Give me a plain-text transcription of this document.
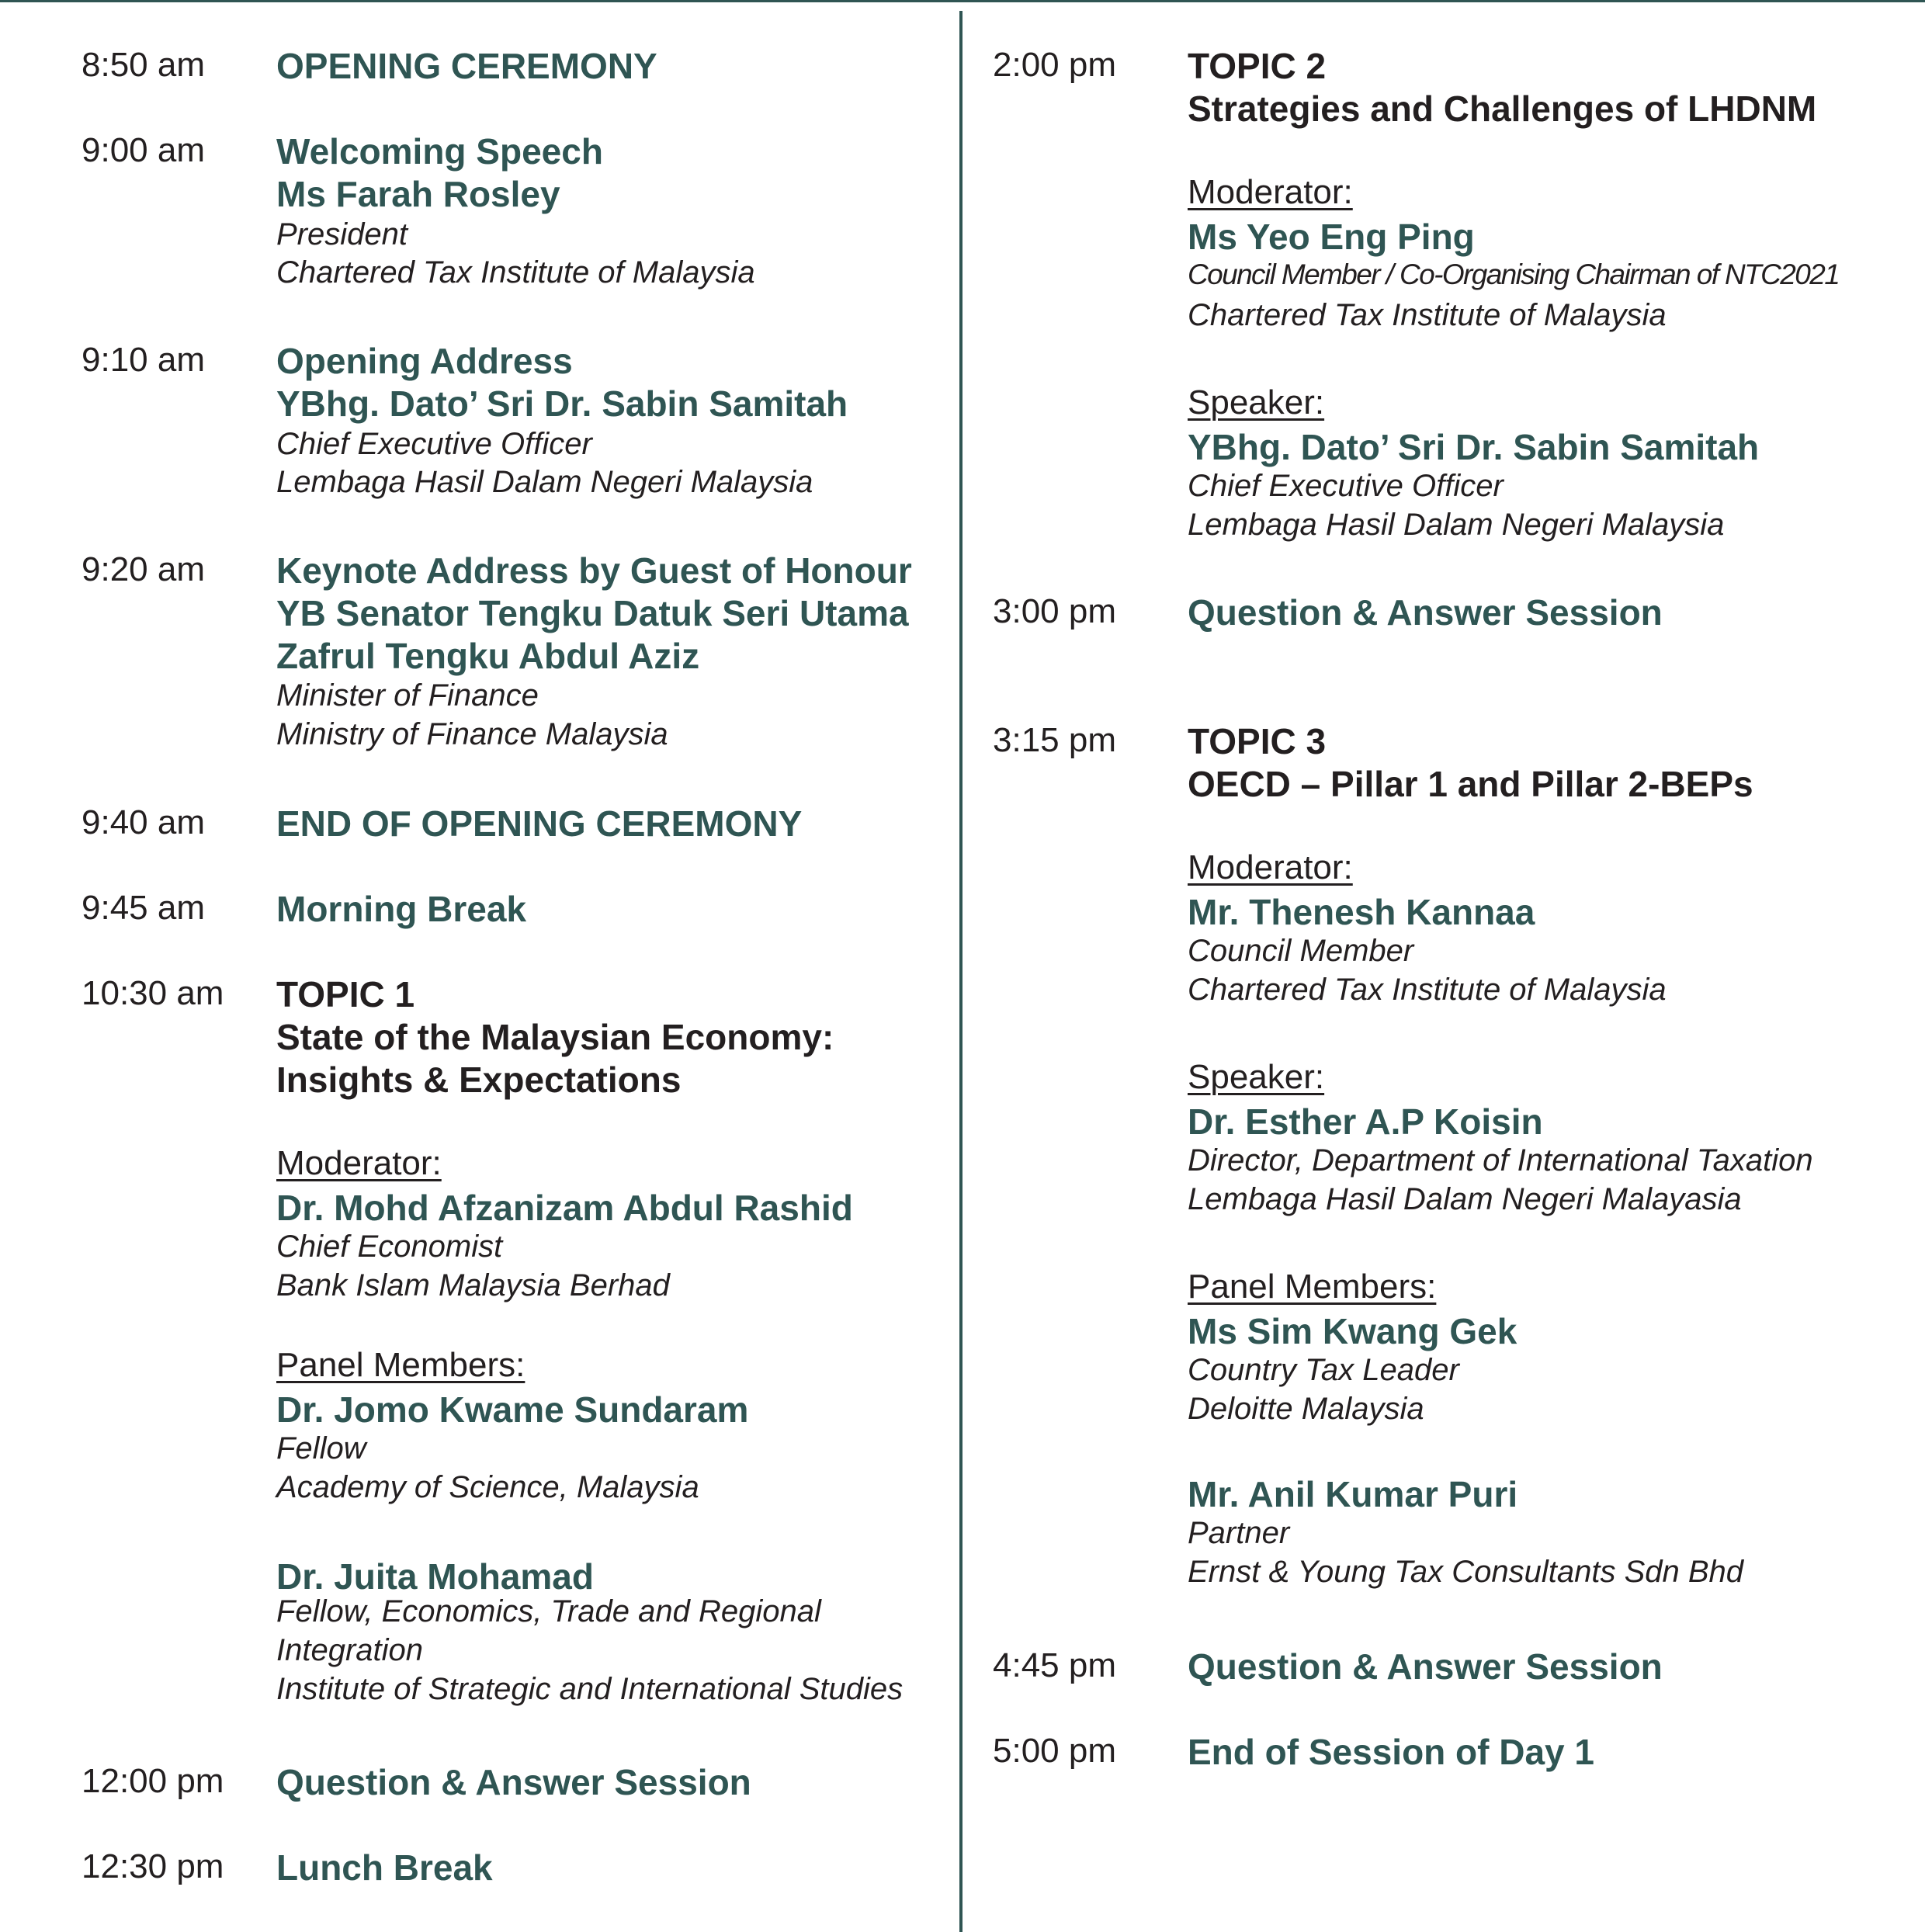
8:50 am OPENING CEREMONY
9:00 am Welcoming Speech
Ms Farah Rosley
President
Chartered Tax Institute of Malaysia
9:10 am Opening Address
YBhg. Dato’ Sri Dr. Sabin Samitah
Chief Executive Officer
Lembaga Hasil Dalam Negeri Malaysia
9:20 am Keynote Address by Guest of Honour
YB Senator Tengku Datuk Seri Utama
Zafrul Tengku Abdul Aziz
Minister of Finance
Ministry of Finance Malaysia
9:40 am END OF OPENING CEREMONY
9:45 am Morning Break
10:30 am TOPIC 1
State of the Malaysian Economy:
Insights & Expectations
Moderator:
Dr. Mohd Afzanizam Abdul Rashid
Chief Economist
Bank Islam Malaysia Berhad
Panel Members:
Dr. Jomo Kwame Sundaram
Fellow
Academy of Science, Malaysia
Dr. Juita Mohamad
Fellow, Economics, Trade and Regional
Integration
Institute of Strategic and International Studies
12:00 pm Question & Answer Session
12:30 pm Lunch Break
2:00 pm TOPIC 2
Strategies and Challenges of LHDNM
Moderator:
Ms Yeo Eng Ping
Council Member / Co-Organising Chairman of NTC2021
Chartered Tax Institute of Malaysia
Speaker:
YBhg. Dato’ Sri Dr. Sabin Samitah
Chief Executive Officer
Lembaga Hasil Dalam Negeri Malaysia
3:00 pm Question & Answer Session
3:15 pm TOPIC 3
OECD – Pillar 1 and Pillar 2-BEPs
Moderator:
Mr. Thenesh Kannaa
Council Member
Chartered Tax Institute of Malaysia
Speaker:
Dr. Esther A.P Koisin
Director, Department of International Taxation
Lembaga Hasil Dalam Negeri Malayasia
Panel Members:
Ms Sim Kwang Gek
Country Tax Leader
Deloitte Malaysia
Mr. Anil Kumar Puri
Partner
Ernst & Young Tax Consultants Sdn Bhd
4:45 pm Question & Answer Session
5:00 pm End of Session of Day 1
